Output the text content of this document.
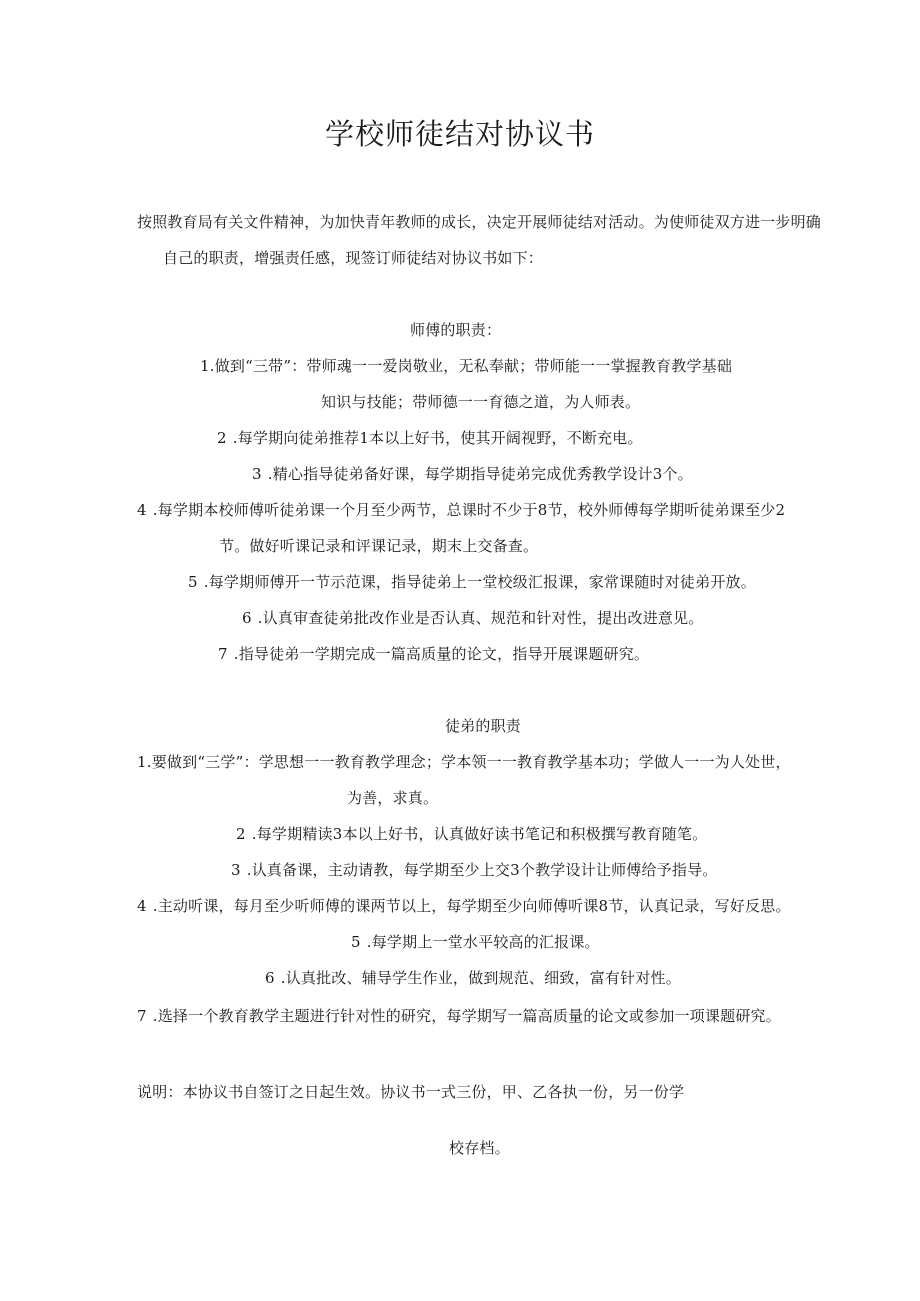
学校师徒结对协议书
按照教育局有关文件精神，为加快青年教师的成长，决定开展师徒结对活动。为使师徒双方进一步明确
自己的职责，增强责任感，现签订师徒结对协议书如下：
师傅的职责：
1.做到“三带”：带师魂一一爱岗敬业，无私奉献；带师能一一掌握教育教学基础
知识与技能；带师德一一育德之道，为人师表。
2 .每学期向徒弟推荐1本以上好书，使其开阔视野，不断充电。
3 .精心指导徒弟备好课，每学期指导徒弟完成优秀教学设计3个。
4 .每学期本校师傅听徒弟课一个月至少两节，总课时不少于8节，校外师傅每学期听徒弟课至少2
节。做好听课记录和评课记录，期末上交备查。
5 .每学期师傅开一节示范课，指导徒弟上一堂校级汇报课，家常课随时对徒弟开放。
6 .认真审查徒弟批改作业是否认真、规范和针对性，提出改进意见。
7 .指导徒弟一学期完成一篇高质量的论文，指导开展课题研究。
徒弟的职责
1.要做到“三学”：学思想一一教育教学理念；学本领一一教育教学基本功；学做人一一为人处世，
为善，求真。
2 .每学期精读3本以上好书，认真做好读书笔记和积极撰写教育随笔。
3 .认真备课，主动请教，每学期至少上交3个教学设计让师傅给予指导。
4 .主动听课，每月至少听师傅的课两节以上，每学期至少向师傅听课8节，认真记录，写好反思。
5 .每学期上一堂水平较高的汇报课。
6 .认真批改、辅导学生作业，做到规范、细致，富有针对性。
7 .选择一个教育教学主题进行针对性的研究，每学期写一篇高质量的论文或参加一项课题研究。
说明：本协议书自签订之日起生效。协议书一式三份，甲、乙各执一份，另一份学
校存档。
